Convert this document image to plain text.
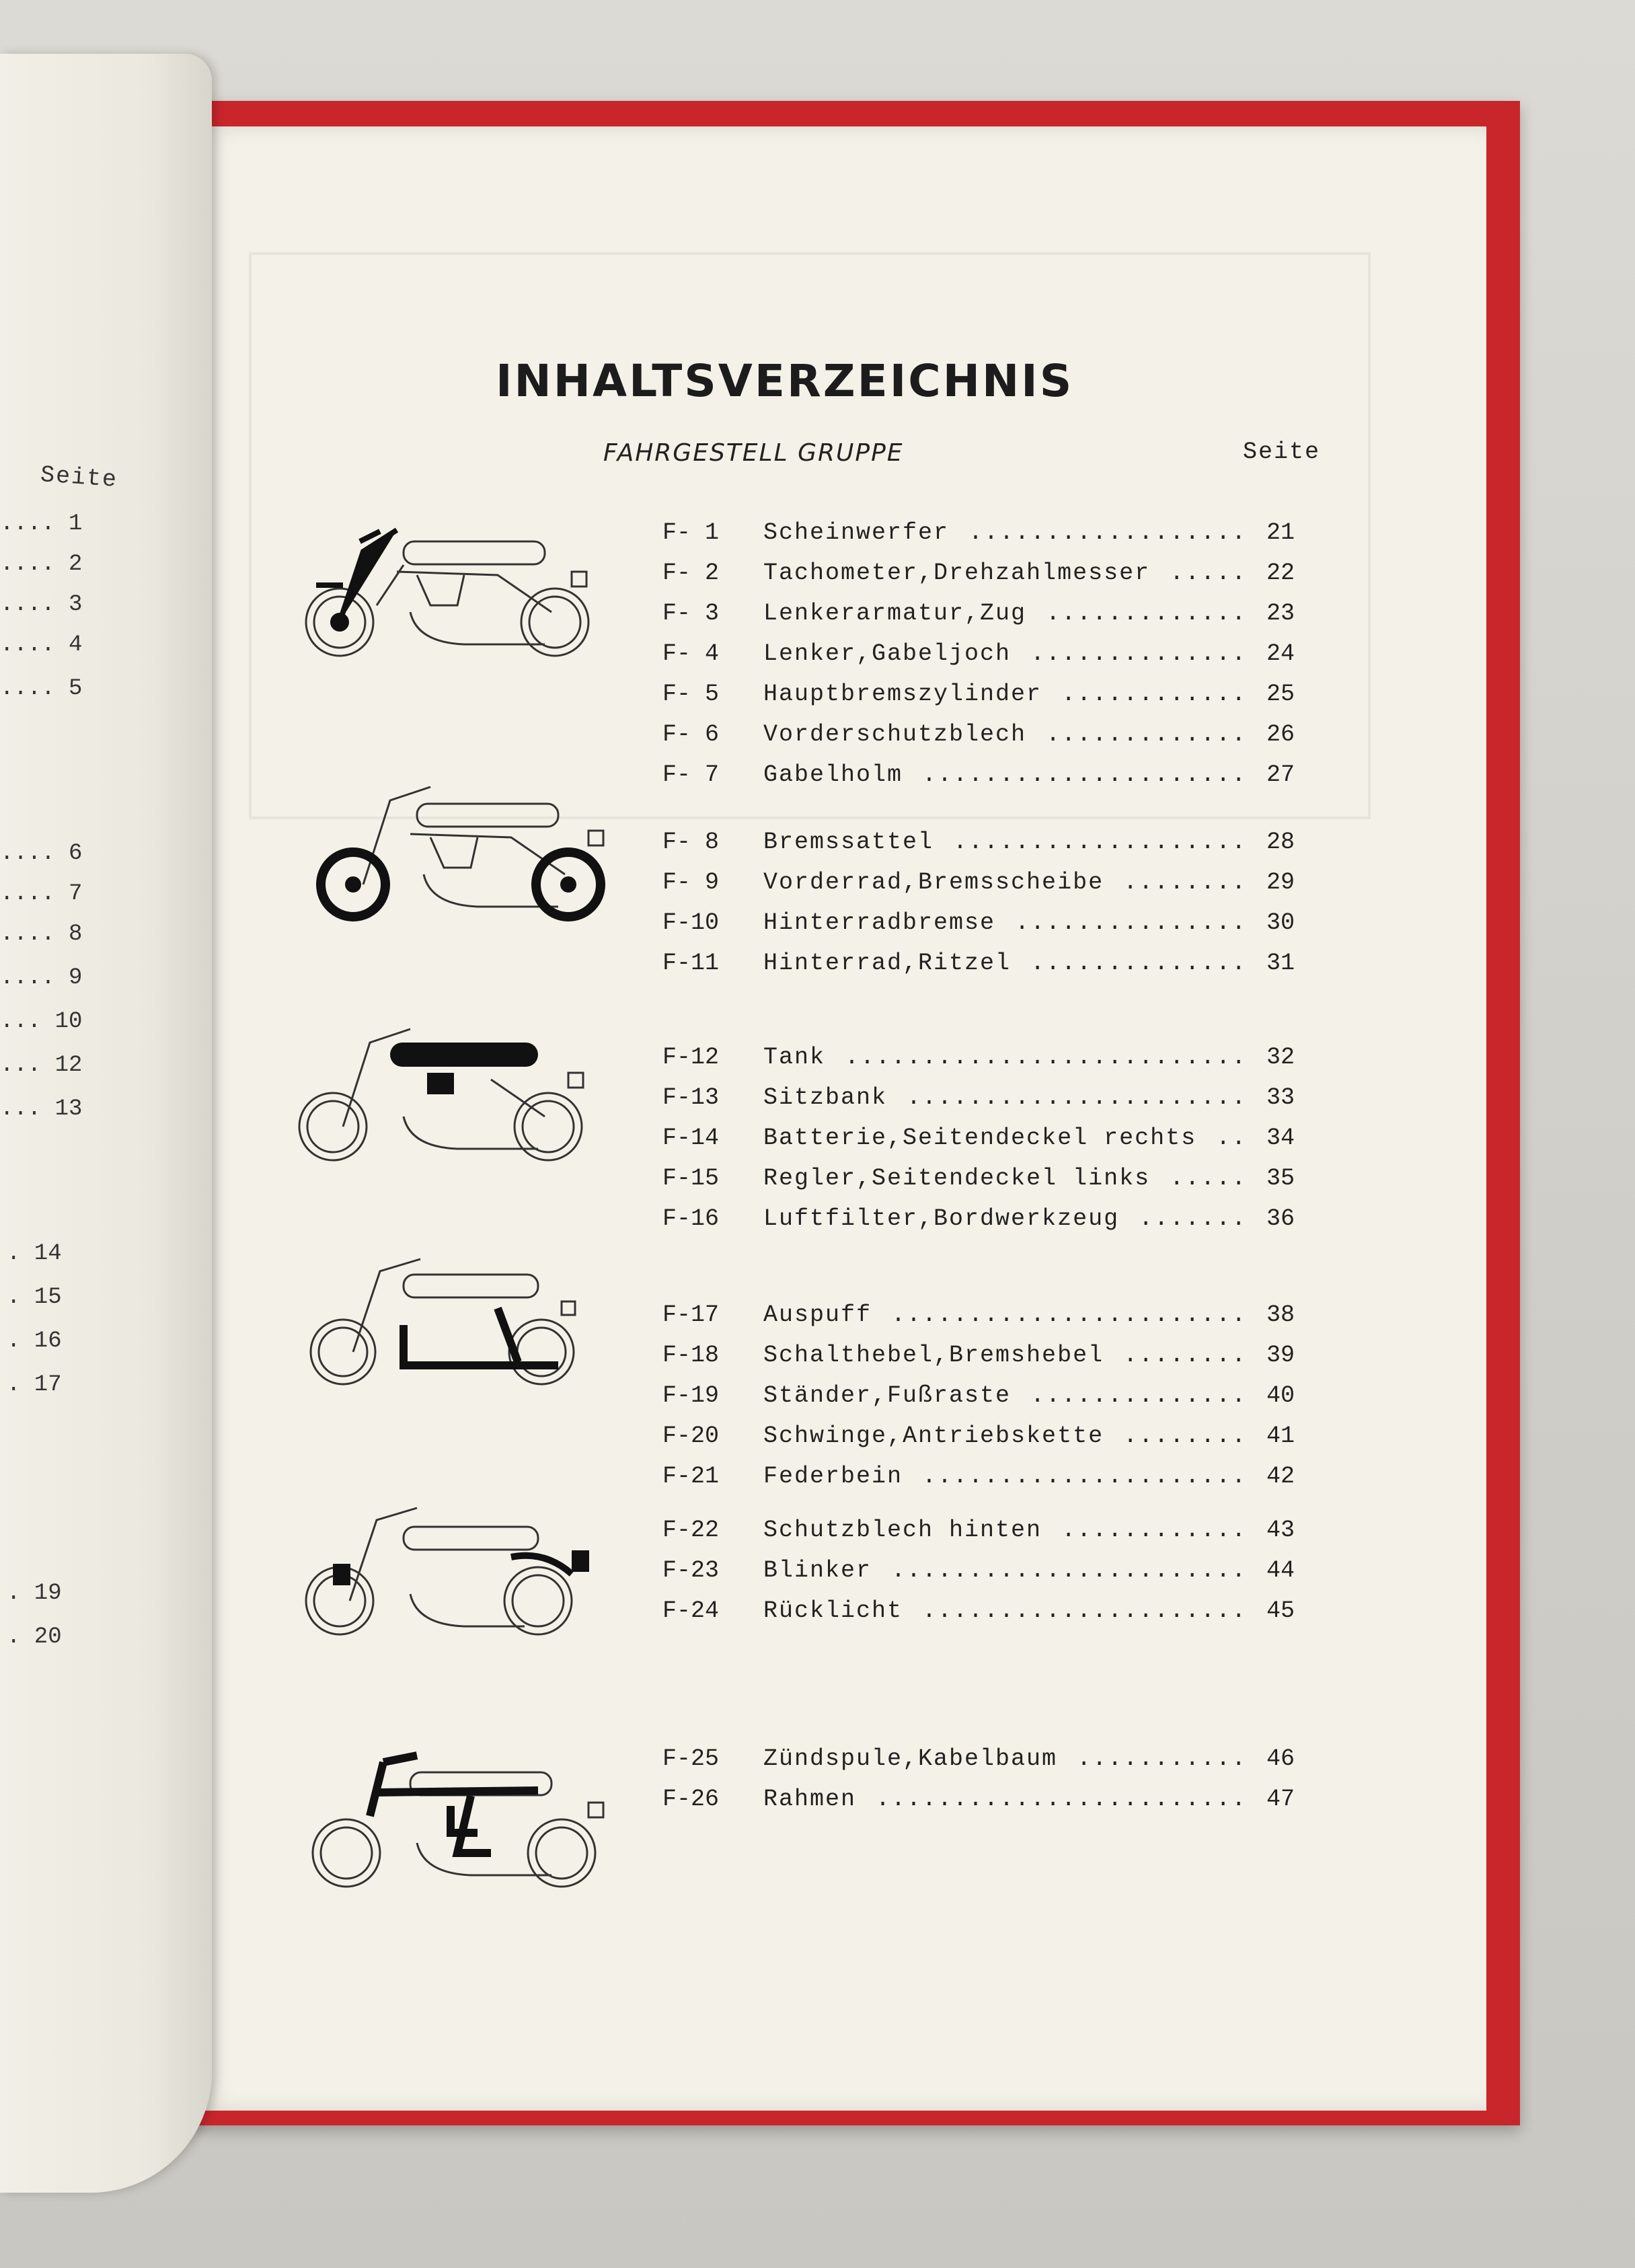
INHALTSVERZEICHNIS
FAHRGESTELL GRUPPE	Seite
F- 1	Scheinwerfer .....	21
F- 2	Tachometer,Drehzahlmesser .....	22
F- 3	Lenkerarmatur,Zug .....	23
F- 4	Lenker,Gabeljoch .....	24
F- 5	Hauptbremszylinder .....	25
F- 6	Vorderschutzblech .....	26
F- 7	Gabelholm .....	27
F- 8	Bremssattel .....	28
F- 9	Vorderrad,Bremsscheibe .....	29
F-10	Hinterradbremse .....	30
F-11	Hinterrad,Ritzel .....	31
F-12	Tank .....	32
F-13	Sitzbank .....	33
F-14	Batterie,Seitendeckel rechts .....	34
F-15	Regler,Seitendeckel links .....	35
F-16	Luftfilter,Bordwerkzeug .....	36
F-17	Auspuff .....	38
F-18	Schalthebel,Bremshebel .....	39
F-19	Ständer,Fußraste .....	40
F-20	Schwinge,Antriebskette .....	41
F-21	Federbein .....	42
F-22	Schutzblech hinten .....	43
F-23	Blinker .....	44
F-24	Rücklicht .....	45
F-25	Zündspule,Kabelbaum .....	46
F-26	Rahmen .....	47
Seite
.... 1
.... 2
.... 3
.... 4
.... 5
.... 6
.... 7
.... 8
.... 9
... 10
... 12
... 13
. 14
. 15
. 16
. 17
. 19
. 20
